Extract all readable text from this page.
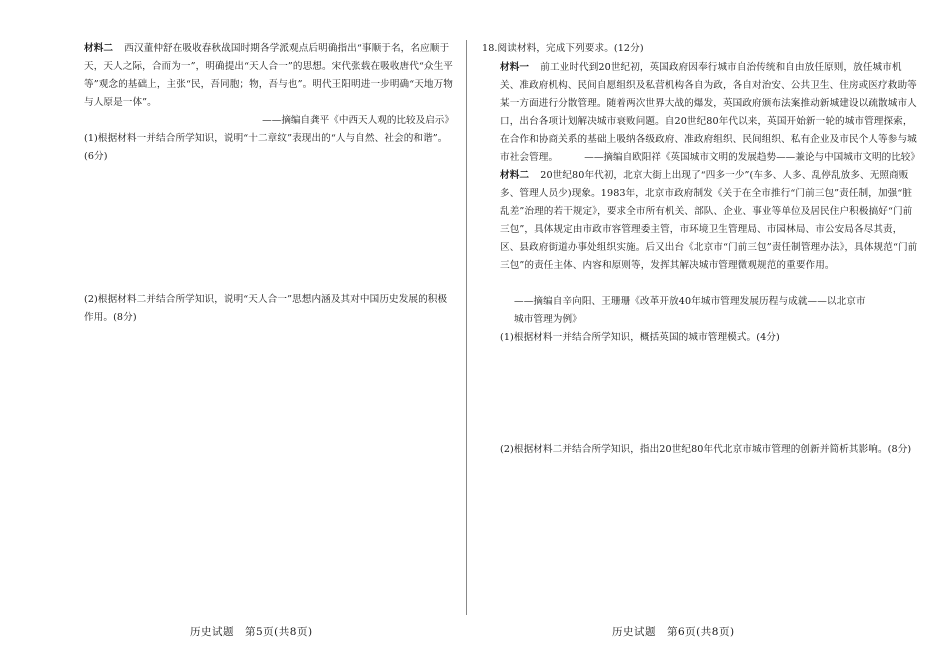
材料二 西汉董仲舒在吸收春秋战国时期各学派观点后明确指出“事顺于名，名应顺于天，天人之际，合而为一”，明确提出“天人合一”的思想。宋代张载在吸收唐代“众生平等”观念的基础上，主张“民，吾同胞；物，吾与也”。明代王阳明进一步明确“天地万物与人原是一体”。

——摘编自龚平《中西天人观的比较及启示》

(1)根据材料一并结合所学知识，说明“十二章纹”表现出的“人与自然、社会的和谐”。(6分)

(2)根据材料二并结合所学知识，说明“天人合一”思想内涵及其对中国历史发展的积极作用。(8分)

历史试题　第5页(共8页)
18.阅读材料，完成下列要求。(12分)

材料一 前工业时代到20世纪初，英国政府因奉行城市自治传统和自由放任原则，放任城市机关、准政府机构、民间自愿组织及私营机构各自为政，各自对治安、公共卫生、住房或医疗救助等某一方面进行分散管理。随着两次世界大战的爆发，英国政府颁布法案推动新城建设以疏散城市人口，出台各项计划解决城市衰败问题。自20世纪80年代以来，英国开始新一轮的城市管理探索，在合作和协商关系的基础上吸纳各级政府、准政府组织、民间组织、私有企业及市民个人等参与城市社会管理。	——摘编自欧阳祥《英国城市文明的发展趋势——兼论与中国城市文明的比较》

材料二 20世纪80年代初，北京大街上出现了“四多一少”(车多、人多、乱停乱放多、无照商贩多、管理人员少)现象。1983年，北京市政府制发《关于在全市推行“门前三包”责任制，加强“脏乱差”治理的若干规定》，要求全市所有机关、部队、企业、事业等单位及居民住户积极搞好“门前三包”，具体规定由市政市容管理委主管，市环境卫生管理局、市园林局、市公安局各尽其责，区、县政府街道办事处组织实施。后又出台《北京市“门前三包”责任制管理办法》，具体规范“门前三包”的责任主体、内容和原则等，发挥其解决城市管理微观规范的重要作用。

——摘编自辛向阳、王珊珊《改革开放40年城市管理发展历程与成就——以北京市
城市管理为例》
(1)根据材料一并结合所学知识，概括英国的城市管理模式。(4分)

(2)根据材料二并结合所学知识，指出20世纪80年代北京市城市管理的创新并简析其影响。(8分)

历史试题　第6页(共8页)
